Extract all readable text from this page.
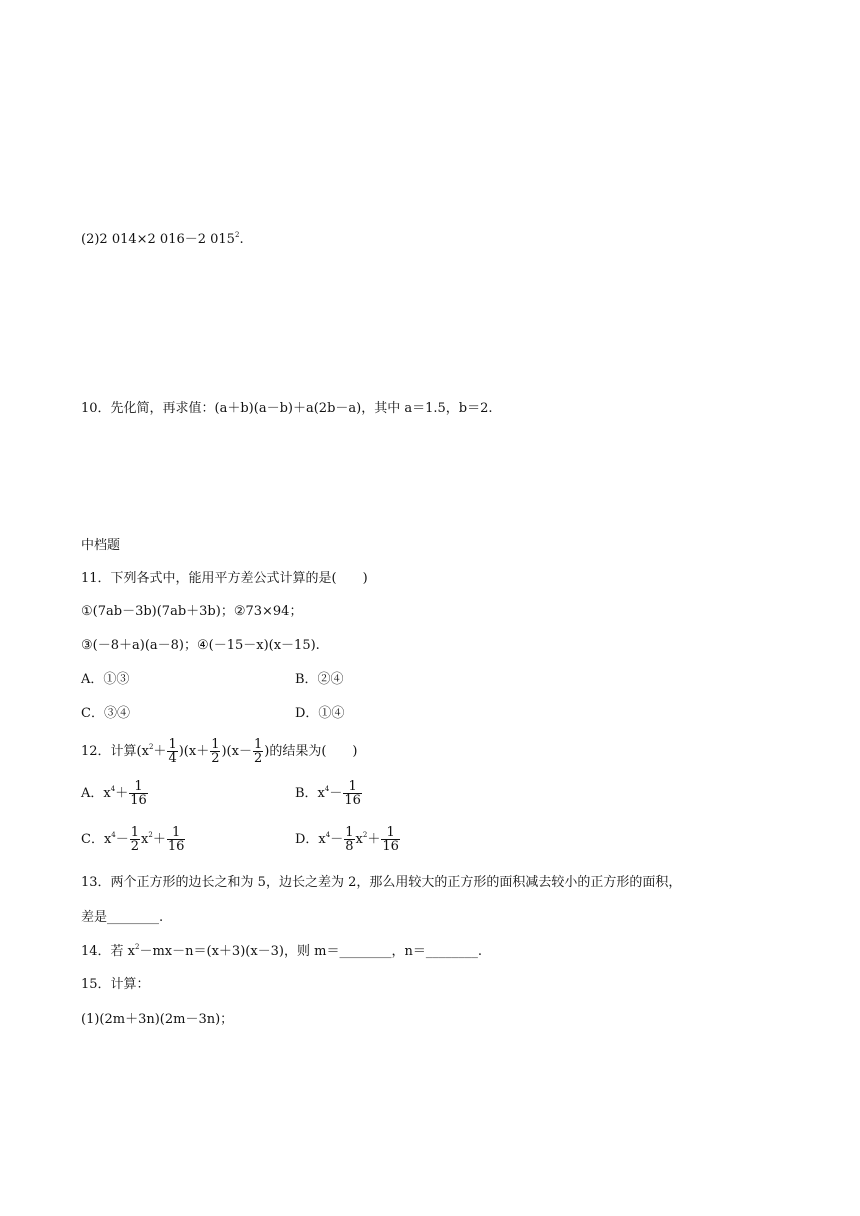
(2)2 014×2 016－2 $015^2$.
10．先化简，再求值：(a＋b)(a－b)＋a(2b－a)，其中 a＝1.5，b＝2.
中档题
11．下列各式中，能用平方差公式计算的是(　　)
①(7ab－3b)(7ab＋3b)；②73×94；
③(－8＋a)(a－8)；④(－15－x)(x－15).
A．①③	B．②④
C．③④	D．①④
12．计算$(x^2+ \frac{1}{4} )(x+ \frac{1}{2} )(x- \frac{1}{2}$ )的结果为(　　)
A．$x^4+ \frac{1}{16}$	B．$x^4- \frac{1}{16}$
C．$x^4- \frac{1}{2} x^2+ \frac{1}{16}$	D．$x^4- \frac{1}{8} x^2+ \frac{1}{16}$
13．两个正方形的边长之和为 5，边长之差为 2，那么用较大的正方形的面积减去较小的正方形的面积，
差是________.
14．若 $x^2-mx-n=(x+3)(x-3)$，则 m＝________，n＝________.
15．计算：
(1)(2m＋3n)(2m－3n)；
